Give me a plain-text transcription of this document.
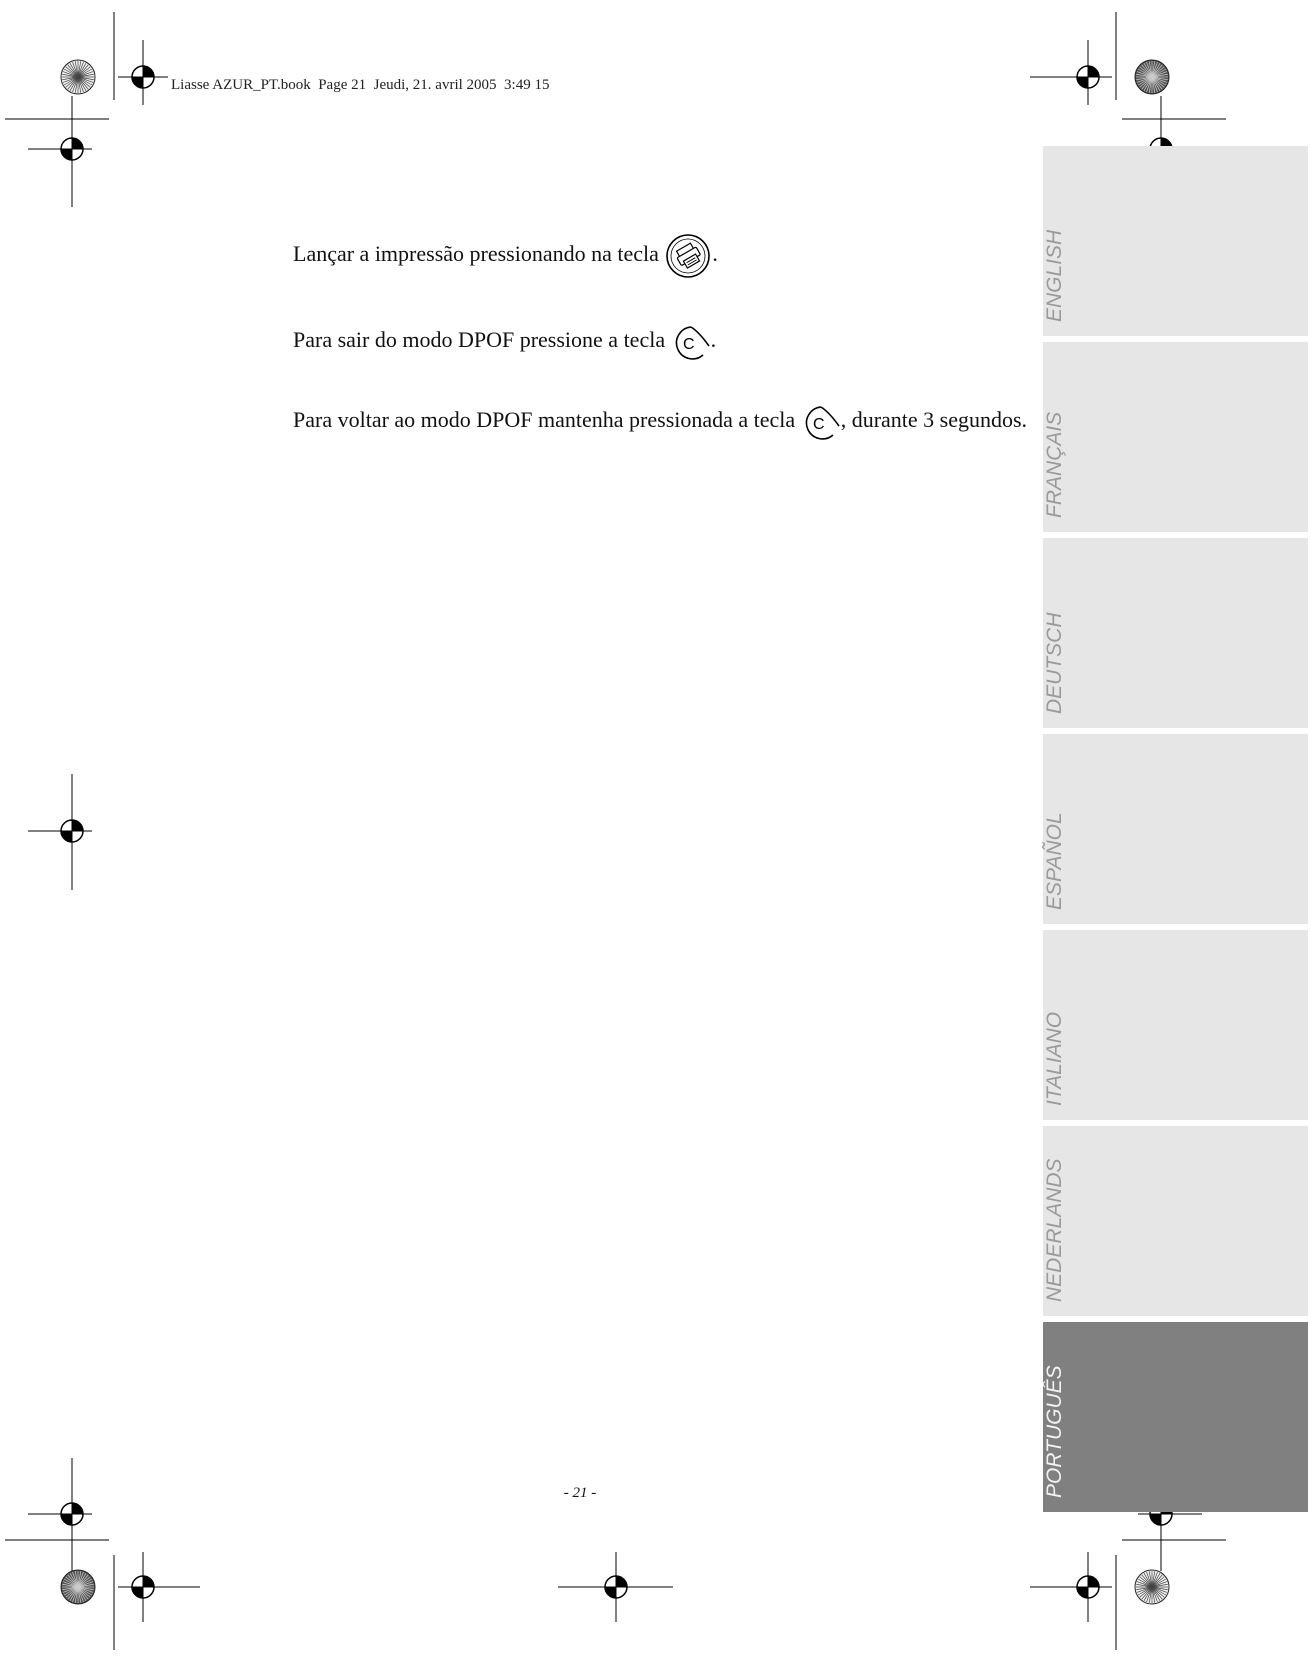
Liasse AZUR_PT.book  Page 21  Jeudi, 21. avril 2005  3:49 15

Lançar a impressão pressionando na tecla
.

Para sair do modo DPOF pressione a tecla C .

Para voltar ao modo DPOF mantenha pressionada a tecla C , durante 3 segundos.

ENGLISH
FRANÇAIS
DEUTSCH
ESPAÑOL
ITALIANO
NEDERLANDS
PORTUGUÊS
- 21 -
